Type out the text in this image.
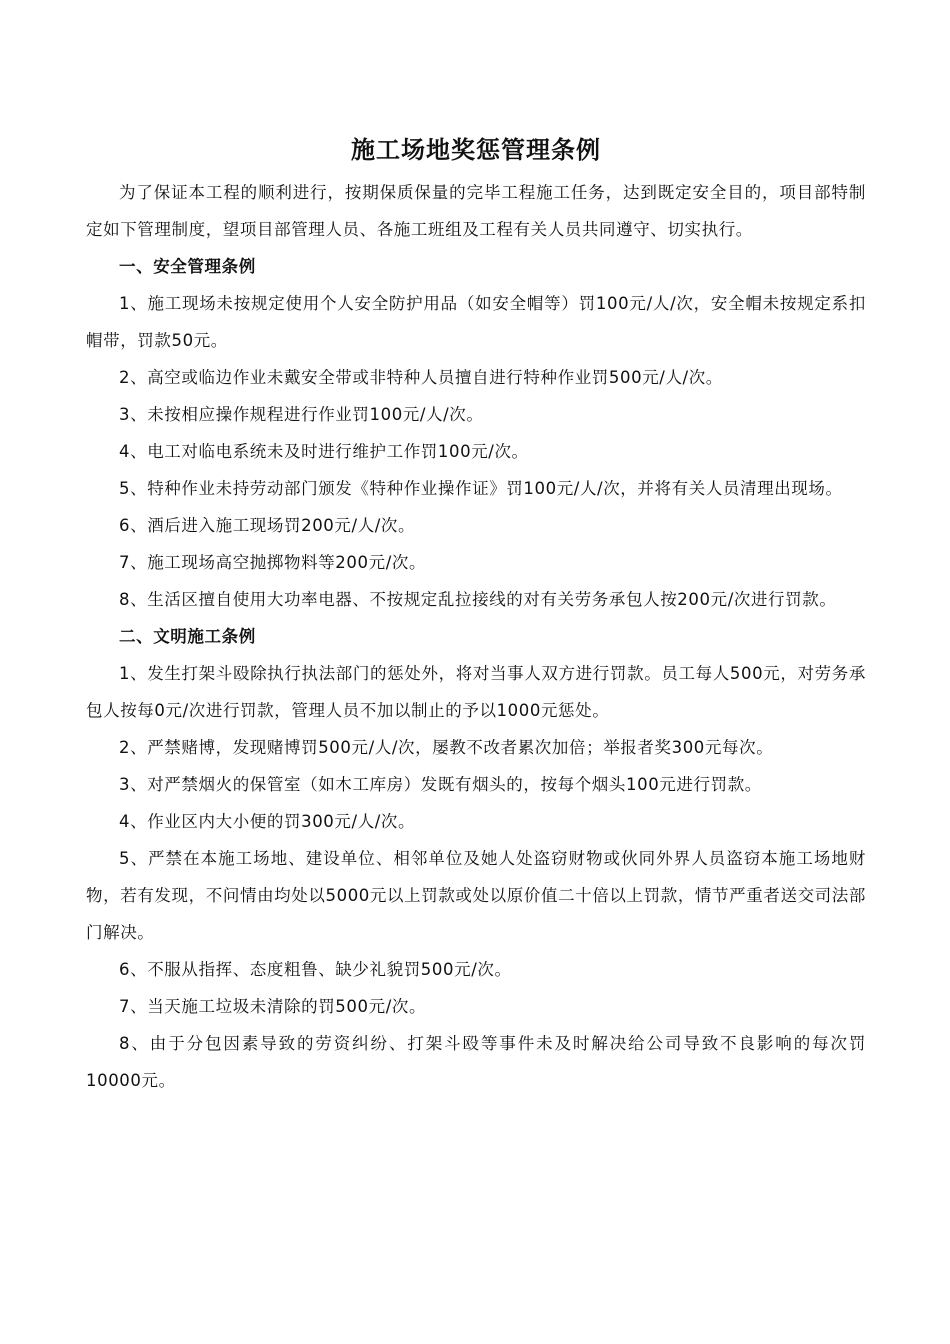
施工场地奖惩管理条例

为了保证本工程的顺利进行，按期保质保量的完毕工程施工任务，达到既定安全目的，项目部特制定如下管理制度，望项目部管理人员、各施工班组及工程有关人员共同遵守、切实执行。

一、安全管理条例

1、施工现场未按规定使用个人安全防护用品（如安全帽等）罚100元/人/次，安全帽未按规定系扣帽带，罚款50元。

2、高空或临边作业未戴安全带或非特种人员擅自进行特种作业罚500元/人/次。

3、未按相应操作规程进行作业罚100元/人/次。

4、电工对临电系统未及时进行维护工作罚100元/次。

5、特种作业未持劳动部门颁发《特种作业操作证》罚100元/人/次，并将有关人员清理出现场。

6、酒后进入施工现场罚200元/人/次。

7、施工现场高空抛掷物料等200元/次。

8、生活区擅自使用大功率电器、不按规定乱拉接线的对有关劳务承包人按200元/次进行罚款。

二、文明施工条例

1、发生打架斗殴除执行执法部门的惩处外，将对当事人双方进行罚款。员工每人500元，对劳务承包人按每0元/次进行罚款，管理人员不加以制止的予以1000元惩处。

2、严禁赌博，发现赌博罚500元/人/次，屡教不改者累次加倍；举报者奖300元每次。

3、对严禁烟火的保管室（如木工库房）发既有烟头的，按每个烟头100元进行罚款。

4、作业区内大小便的罚300元/人/次。

5、严禁在本施工场地、建设单位、相邻单位及她人处盗窃财物或伙同外界人员盗窃本施工场地财物，若有发现，不问情由均处以5000元以上罚款或处以原价值二十倍以上罚款，情节严重者送交司法部门解决。

6、不服从指挥、态度粗鲁、缺少礼貌罚500元/次。

7、当天施工垃圾未清除的罚500元/次。

8、由于分包因素导致的劳资纠纷、打架斗殴等事件未及时解决给公司导致不良影响的每次罚10000元。
